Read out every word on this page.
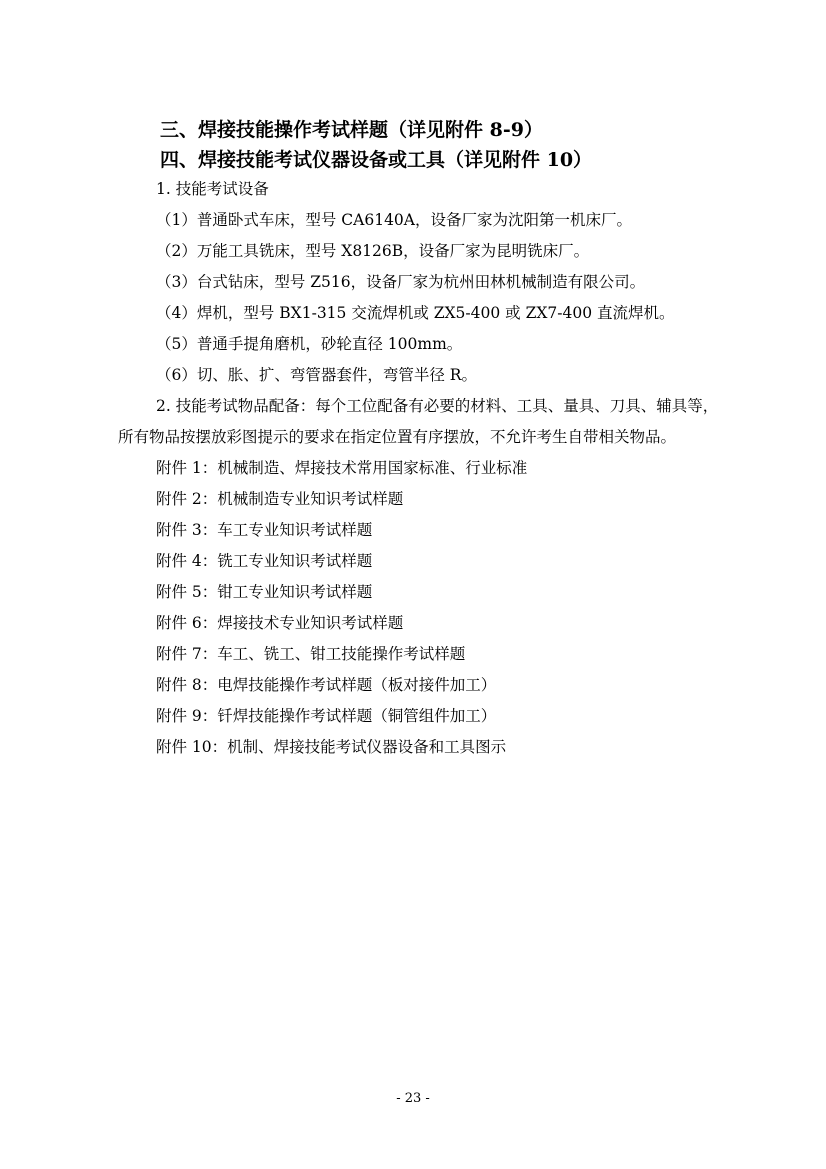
三、焊接技能操作考试样题（详见附件 8-9）
四、焊接技能考试仪器设备或工具（详见附件 10）
1. 技能考试设备
（1）普通卧式车床，型号 CA6140A，设备厂家为沈阳第一机床厂。
（2）万能工具铣床，型号 X8126B，设备厂家为昆明铣床厂。
（3）台式钻床，型号 Z516，设备厂家为杭州田林机械制造有限公司。
（4）焊机，型号 BX1-315 交流焊机或 ZX5-400 或 ZX7-400 直流焊机。
（5）普通手提角磨机，砂轮直径 100mm。
（6）切、胀、扩、弯管器套件，弯管半径 R。
2. 技能考试物品配备：每个工位配备有必要的材料、工具、量具、刀具、辅具等，
所有物品按摆放彩图提示的要求在指定位置有序摆放，不允许考生自带相关物品。
附件 1：机械制造、焊接技术常用国家标准、行业标准
附件 2：机械制造专业知识考试样题
附件 3：车工专业知识考试样题
附件 4：铣工专业知识考试样题
附件 5：钳工专业知识考试样题
附件 6：焊接技术专业知识考试样题
附件 7：车工、铣工、钳工技能操作考试样题
附件 8：电焊技能操作考试样题（板对接件加工）
附件 9：钎焊技能操作考试样题（铜管组件加工）
附件 10：机制、焊接技能考试仪器设备和工具图示
- 23 -
